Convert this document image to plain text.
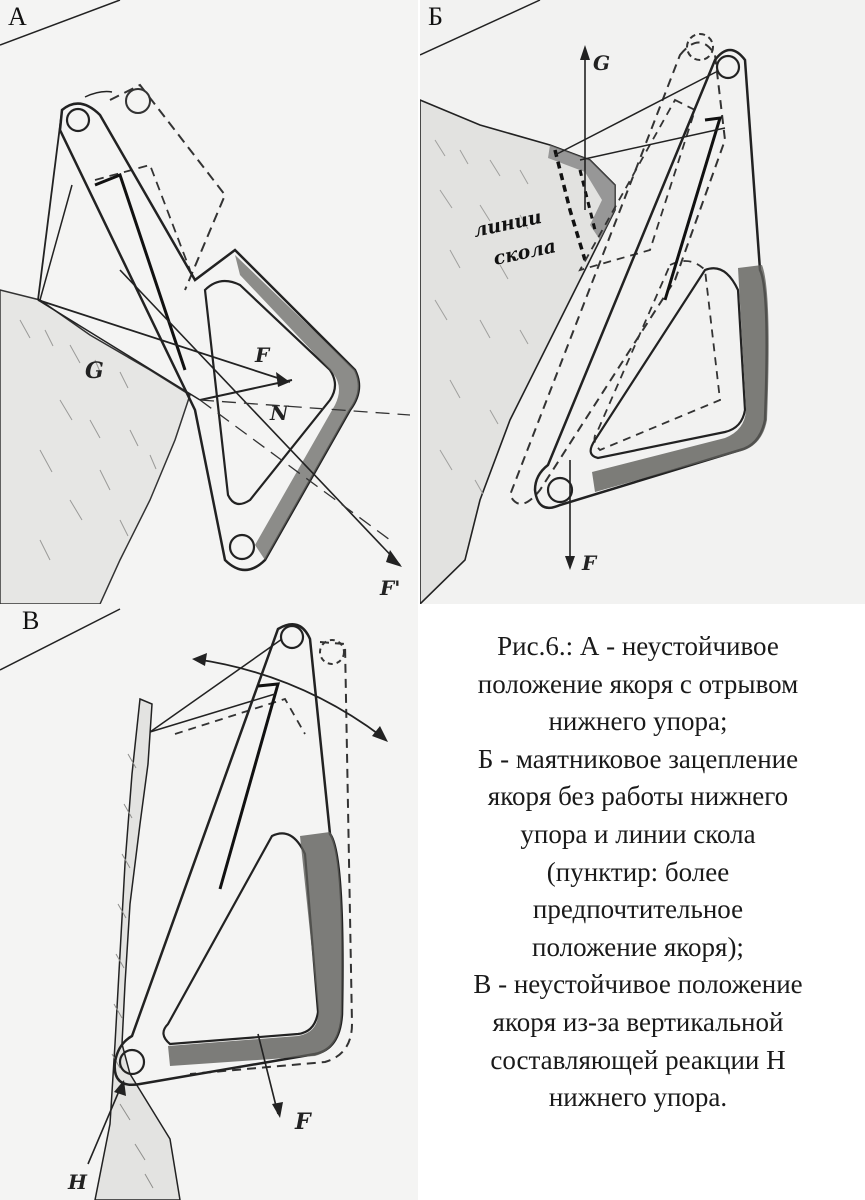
G
F
N
F'
А
G
F
линии
скола
Б
F
H
В
Рис.6.: А - неустойчивое
положение якоря с отрывом
нижнего упора;
Б - маятниковое зацепление
якоря без работы нижнего
упора и линии скола
(пунктир: более
предпочтительное
положение якоря);
В - неустойчивое положение
якоря из-за вертикальной
составляющей реакции Н
нижнего упора.
